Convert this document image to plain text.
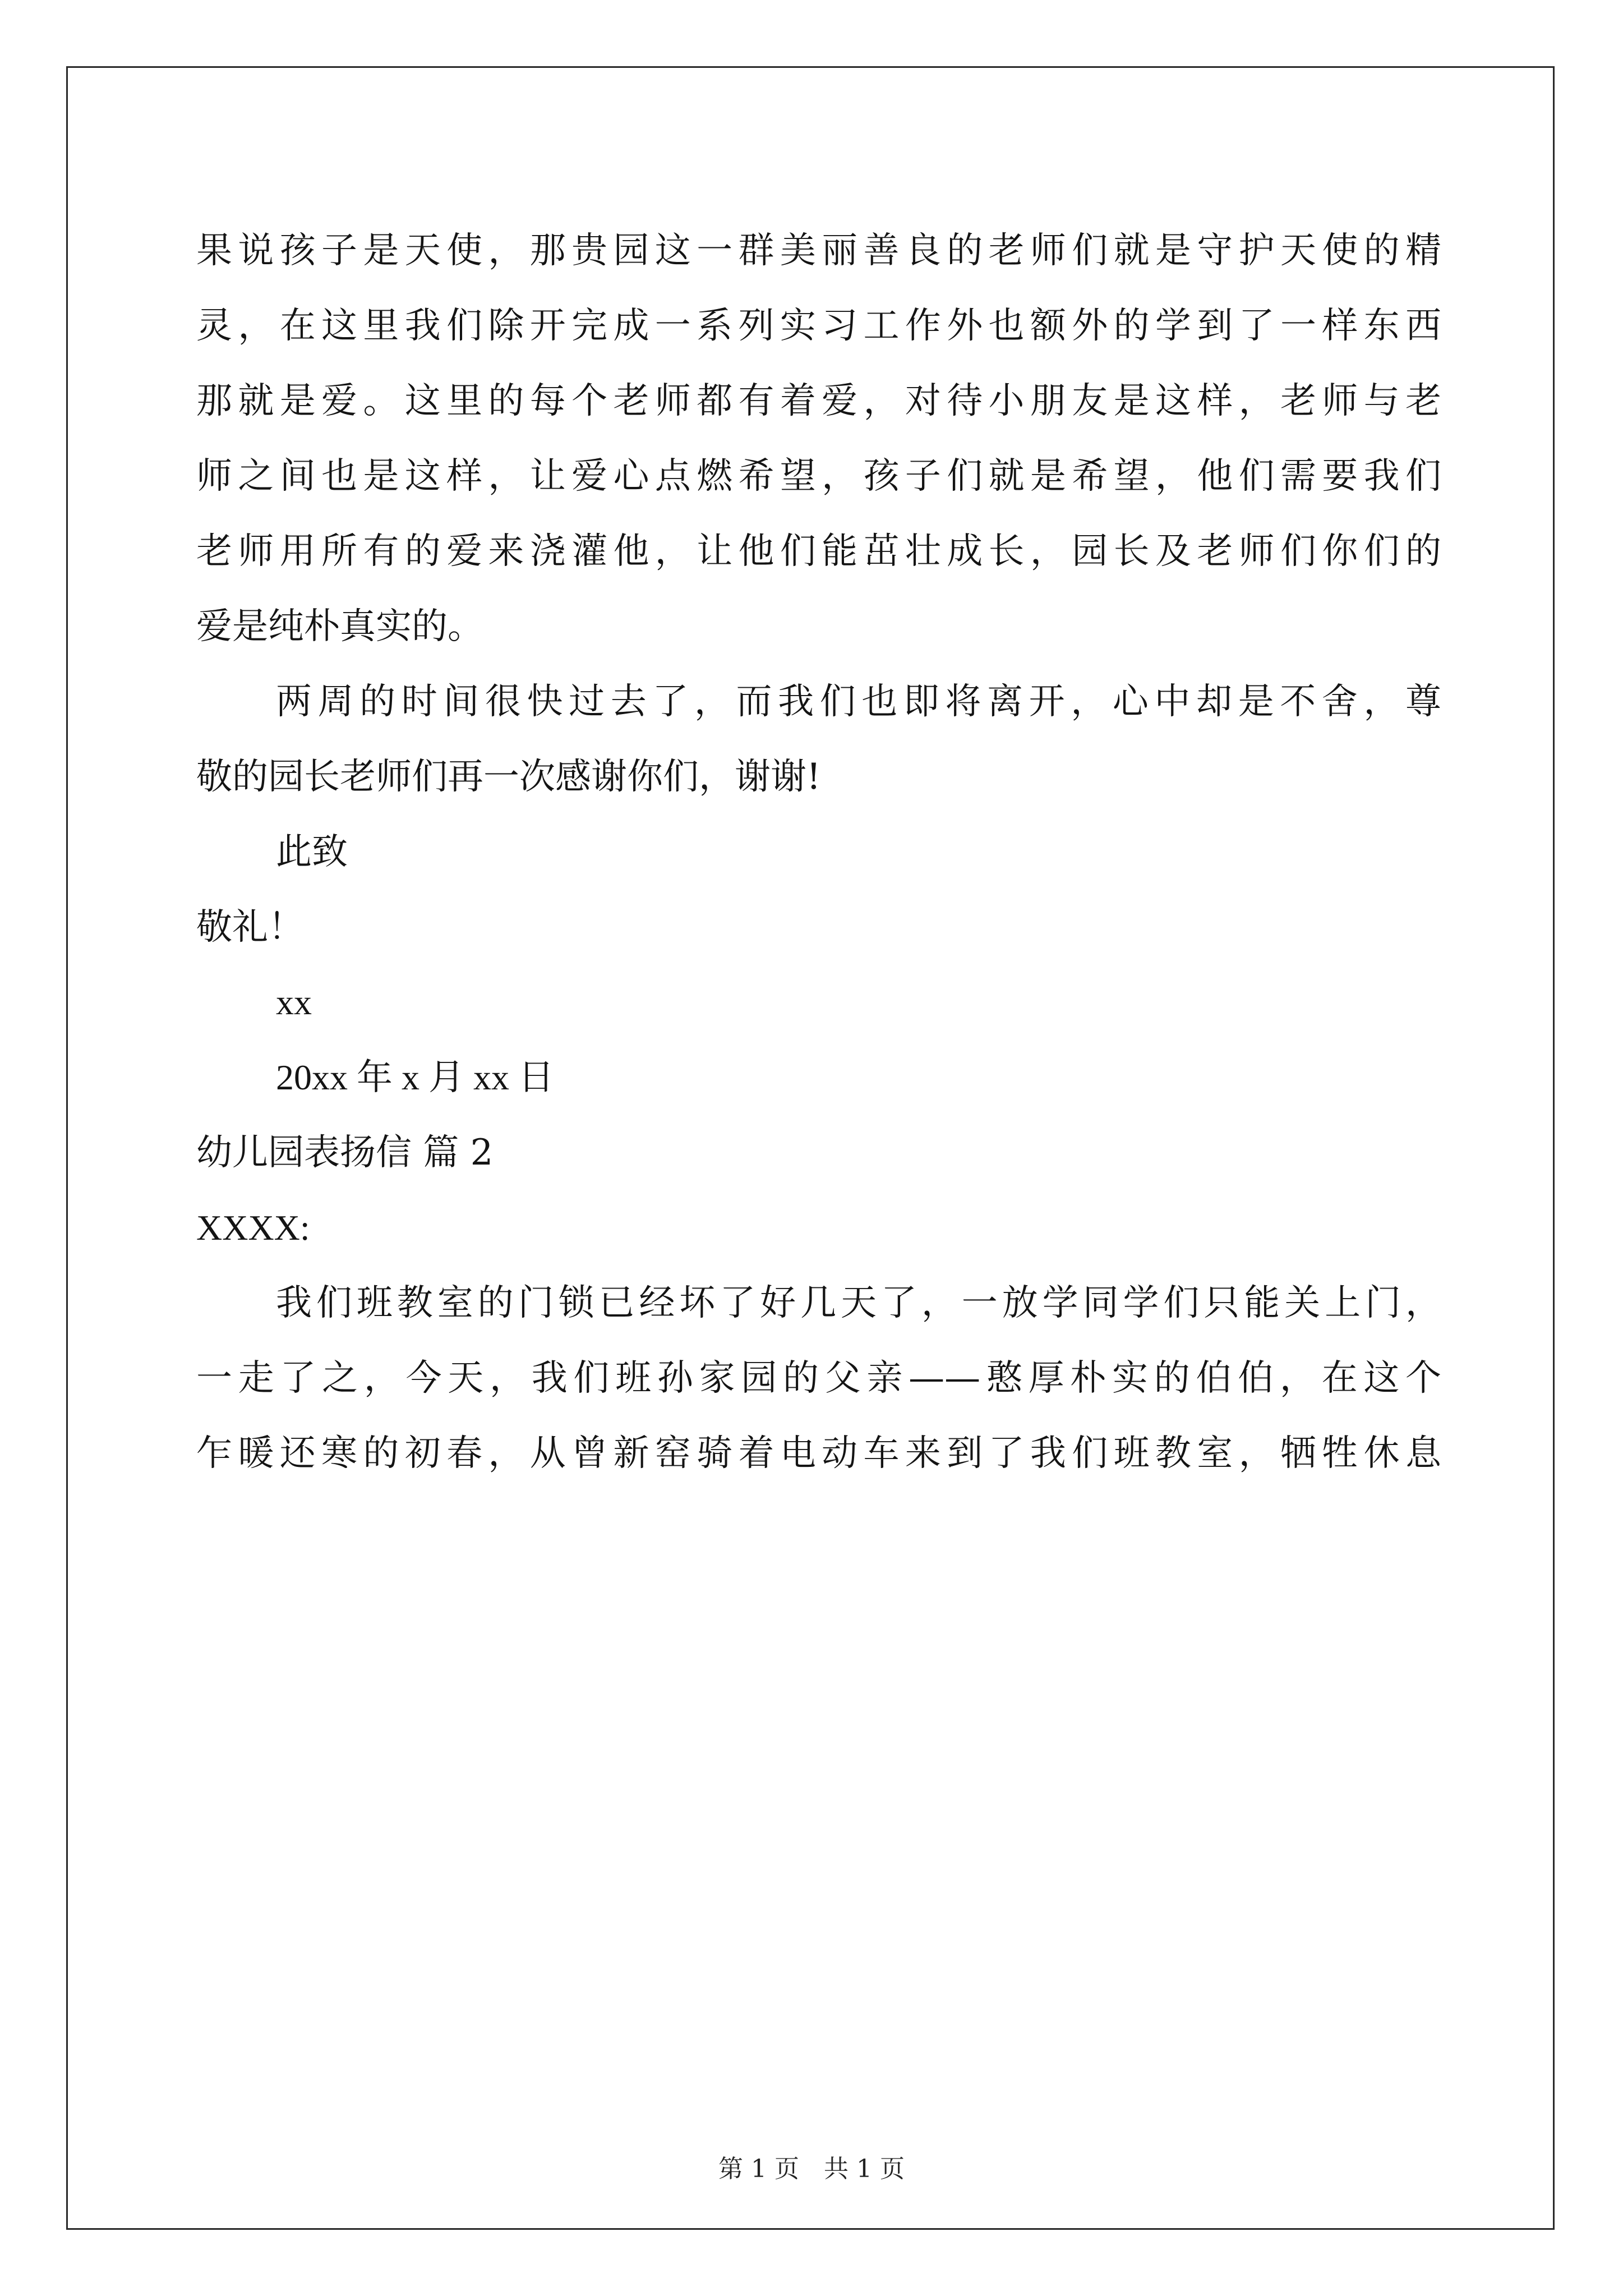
果说孩子是天使，那贵园这一群美丽善良的老师们就是守护天使的精
灵，在这里我们除开完成一系列实习工作外也额外的学到了一样东西
那就是爱。这里的每个老师都有着爱，对待小朋友是这样，老师与老
师之间也是这样，让爱心点燃希望，孩子们就是希望，他们需要我们
老师用所有的爱来浇灌他，让他们能茁壮成长，园长及老师们你们的
爱是纯朴真实的。
两周的时间很快过去了，而我们也即将离开，心中却是不舍，尊
敬的园长老师们再一次感谢你们，谢谢!
此致
敬礼！
xx
20xx 年 x 月 xx 日
幼儿园表扬信 篇 2
XXXX:
我们班教室的门锁已经坏了好几天了，一放学同学们只能关上门，
一走了之，今天，我们班孙家园的父亲——憨厚朴实的伯伯，在这个
乍暖还寒的初春，从曾新窑骑着电动车来到了我们班教室，牺牲休息
第 1 页　共 1 页
